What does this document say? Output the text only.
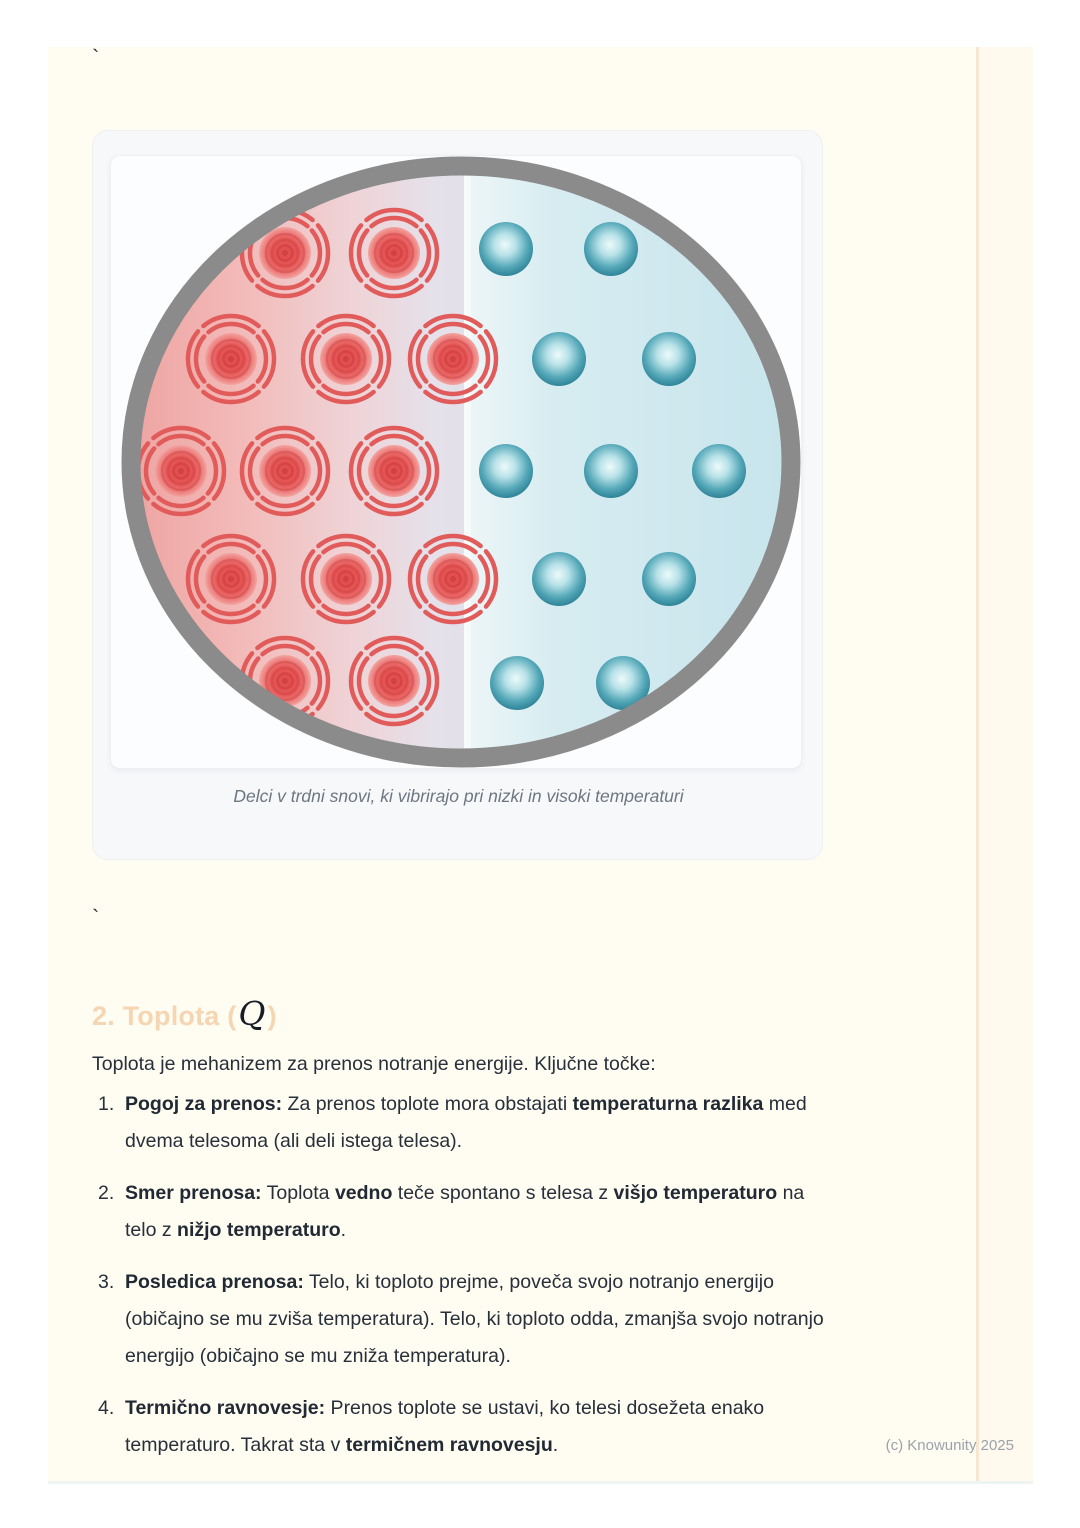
`
Delci v trdni snovi, ki vibrirajo pri nizki in visoki temperaturi
`
2. Toplota (Q)

Toplota je mehanizem za prenos notranje energije. Ključne točke:

1. Pogoj za prenos: Za prenos toplote mora obstajati temperaturna razlika med dvema telesoma (ali deli istega telesa).
2. Smer prenosa: Toplota vedno teče spontano s telesa z višjo temperaturo na telo z nižjo temperaturo.
3. Posledica prenosa: Telo, ki toploto prejme, poveča svojo notranjo energijo (običajno se mu zviša temperatura). Telo, ki toploto odda, zmanjša svojo notranjo energijo (običajno se mu zniža temperatura).
4. Termično ravnovesje: Prenos toplote se ustavi, ko telesi dosežeta enako temperaturo. Takrat sta v termičnem ravnovesju.	(c) Knowunity 2025
